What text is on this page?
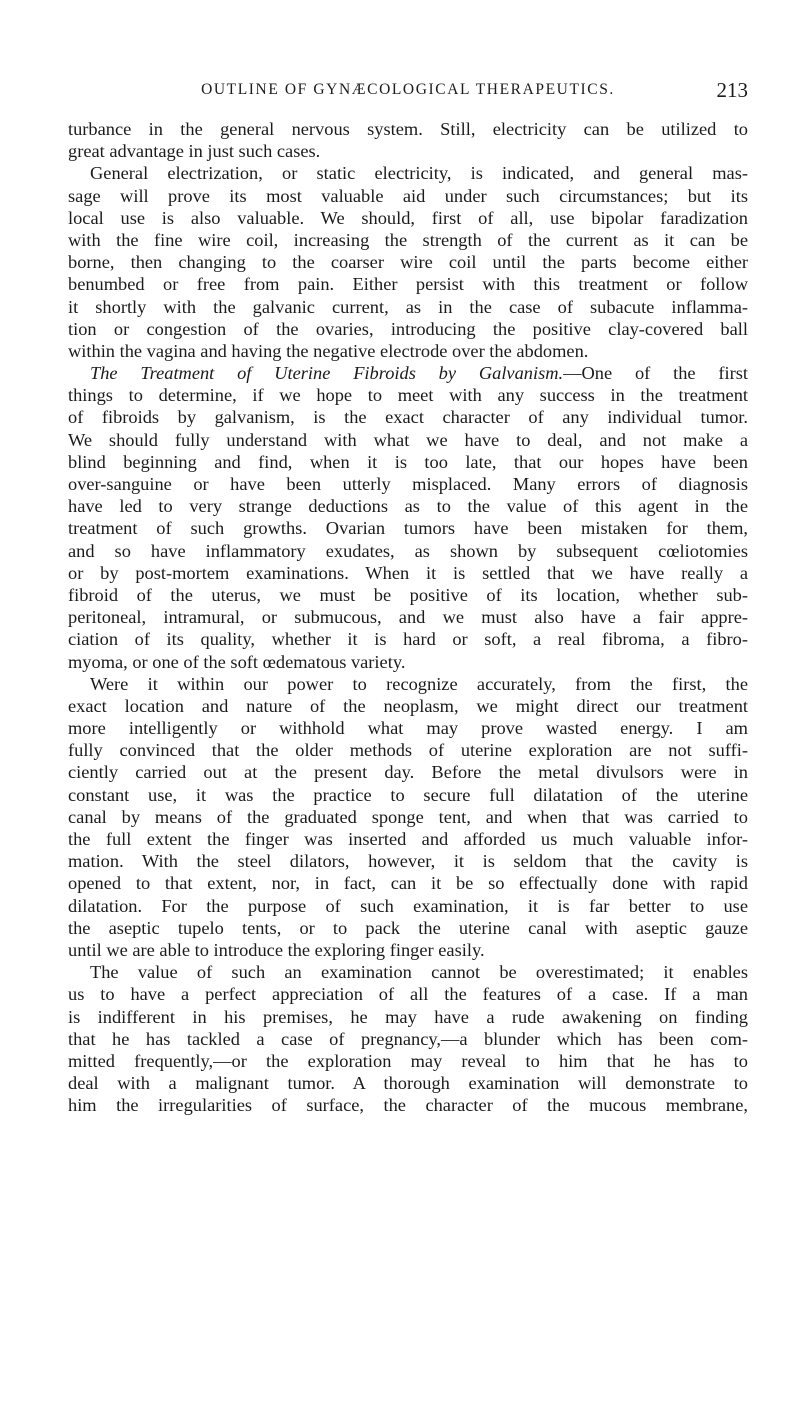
OUTLINE OF GYNÆCOLOGICAL THERAPEUTICS.	213
turbance in the general nervous system. Still, electricity can be utilized to
great advantage in just such cases.
General electrization, or static electricity, is indicated, and general mas-
sage will prove its most valuable aid under such circumstances; but its
local use is also valuable. We should, first of all, use bipolar faradization
with the fine wire coil, increasing the strength of the current as it can be
borne, then changing to the coarser wire coil until the parts become either
benumbed or free from pain. Either persist with this treatment or follow
it shortly with the galvanic current, as in the case of subacute inflamma-
tion or congestion of the ovaries, introducing the positive clay-covered ball
within the vagina and having the negative electrode over the abdomen.
The Treatment of Uterine Fibroids by Galvanism.—One of the first
things to determine, if we hope to meet with any success in the treatment
of fibroids by galvanism, is the exact character of any individual tumor.
We should fully understand with what we have to deal, and not make a
blind beginning and find, when it is too late, that our hopes have been
over-sanguine or have been utterly misplaced. Many errors of diagnosis
have led to very strange deductions as to the value of this agent in the
treatment of such growths. Ovarian tumors have been mistaken for them,
and so have inflammatory exudates, as shown by subsequent cœliotomies
or by post-mortem examinations. When it is settled that we have really a
fibroid of the uterus, we must be positive of its location, whether sub-
peritoneal, intramural, or submucous, and we must also have a fair appre-
ciation of its quality, whether it is hard or soft, a real fibroma, a fibro-
myoma, or one of the soft œdematous variety.
Were it within our power to recognize accurately, from the first, the
exact location and nature of the neoplasm, we might direct our treatment
more intelligently or withhold what may prove wasted energy. I am
fully convinced that the older methods of uterine exploration are not suffi-
ciently carried out at the present day. Before the metal divulsors were in
constant use, it was the practice to secure full dilatation of the uterine
canal by means of the graduated sponge tent, and when that was carried to
the full extent the finger was inserted and afforded us much valuable infor-
mation. With the steel dilators, however, it is seldom that the cavity is
opened to that extent, nor, in fact, can it be so effectually done with rapid
dilatation. For the purpose of such examination, it is far better to use
the aseptic tupelo tents, or to pack the uterine canal with aseptic gauze
until we are able to introduce the exploring finger easily.
The value of such an examination cannot be overestimated; it enables
us to have a perfect appreciation of all the features of a case. If a man
is indifferent in his premises, he may have a rude awakening on finding
that he has tackled a case of pregnancy,—a blunder which has been com-
mitted frequently,—or the exploration may reveal to him that he has to
deal with a malignant tumor. A thorough examination will demonstrate to
him the irregularities of surface, the character of the mucous membrane,
